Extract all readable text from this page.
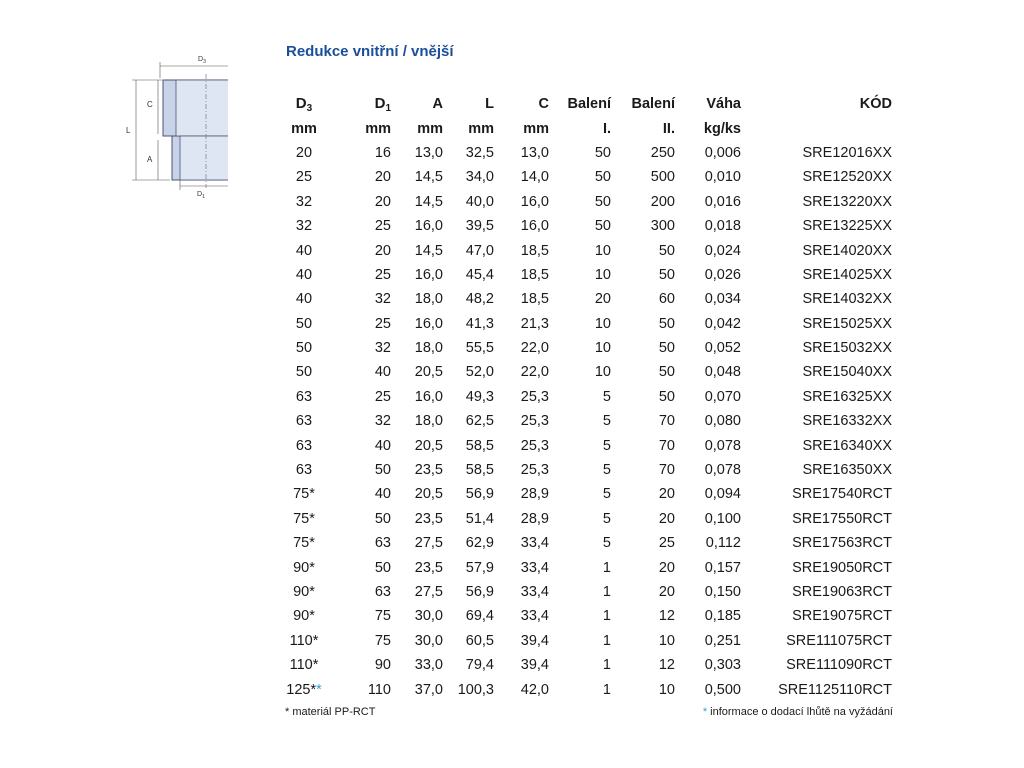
Redukce vnitřní / vnější
$D_3$
L
C
A
$D_1$
$D_3$	$D_1$	A	L	C	Balení	Balení	Váha	KÓD
mm	mm	mm	mm	mm	I.	II.	kg/ks	
20	16	13,0	32,5	13,0	50	250	0,006	SRE12016XX
25	20	14,5	34,0	14,0	50	500	0,010	SRE12520XX
32	20	14,5	40,0	16,0	50	200	0,016	SRE13220XX
32	25	16,0	39,5	16,0	50	300	0,018	SRE13225XX
40	20	14,5	47,0	18,5	10	50	0,024	SRE14020XX
40	25	16,0	45,4	18,5	10	50	0,026	SRE14025XX
40	32	18,0	48,2	18,5	20	60	0,034	SRE14032XX
50	25	16,0	41,3	21,3	10	50	0,042	SRE15025XX
50	32	18,0	55,5	22,0	10	50	0,052	SRE15032XX
50	40	20,5	52,0	22,0	10	50	0,048	SRE15040XX
63	25	16,0	49,3	25,3	5	50	0,070	SRE16325XX
63	32	18,0	62,5	25,3	5	70	0,080	SRE16332XX
63	40	20,5	58,5	25,3	5	70	0,078	SRE16340XX
63	50	23,5	58,5	25,3	5	70	0,078	SRE16350XX
75*	40	20,5	56,9	28,9	5	20	0,094	SRE17540RCT
75*	50	23,5	51,4	28,9	5	20	0,100	SRE17550RCT
75*	63	27,5	62,9	33,4	5	25	0,112	SRE17563RCT
90*	50	23,5	57,9	33,4	1	20	0,157	SRE19050RCT
90*	63	27,5	56,9	33,4	1	20	0,150	SRE19063RCT
90*	75	30,0	69,4	33,4	1	12	0,185	SRE19075RCT
110*	75	30,0	60,5	39,4	1	10	0,251	SRE111075RCT
110*	90	33,0	79,4	39,4	1	12	0,303	SRE111090RCT
125**	110	37,0	100,3	42,0	1	10	0,500	SRE1125110RCT
* materiál PP-RCT	* informace o dodací lhůtě na vyžádání
